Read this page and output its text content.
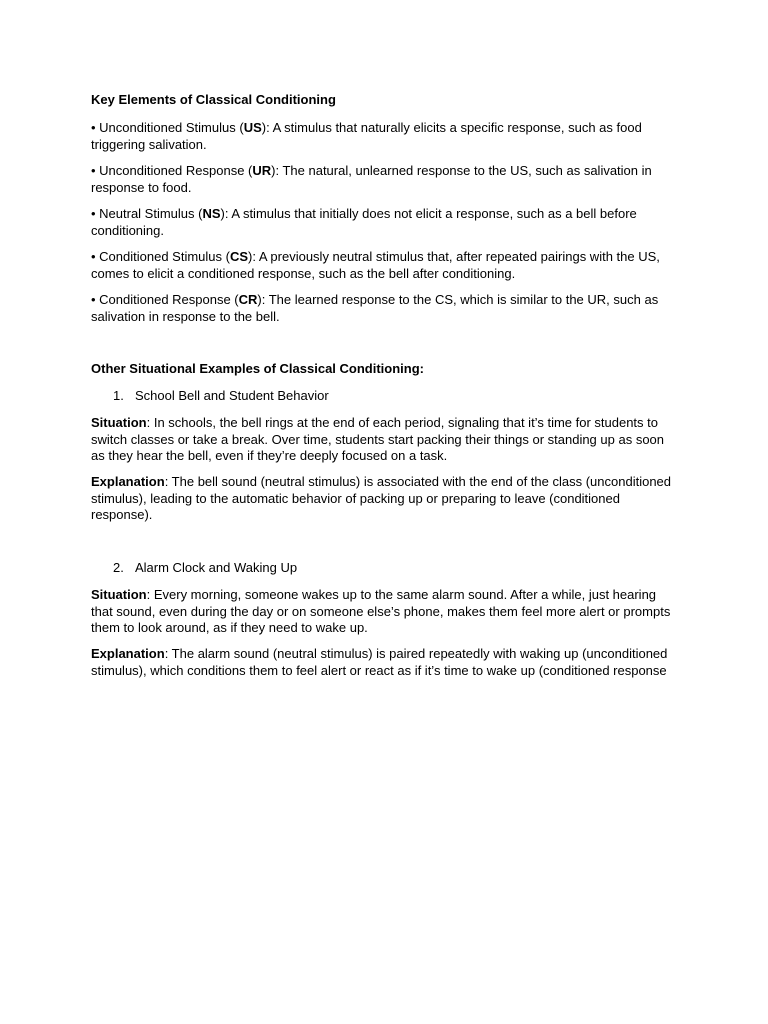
Key Elements of Classical Conditioning

• Unconditioned Stimulus (US): A stimulus that naturally elicits a specific response, such as food triggering salivation.

• Unconditioned Response (UR): The natural, unlearned response to the US, such as salivation in response to food.

• Neutral Stimulus (NS): A stimulus that initially does not elicit a response, such as a bell before conditioning.

• Conditioned Stimulus (CS): A previously neutral stimulus that, after repeated pairings with the US, comes to elicit a conditioned response, such as the bell after conditioning.

• Conditioned Response (CR): The learned response to the CS, which is similar to the UR, such as salivation in response to the bell.

Other Situational Examples of Classical Conditioning:

1. School Bell and Student Behavior

Situation: In schools, the bell rings at the end of each period, signaling that it’s time for students to switch classes or take a break. Over time, students start packing their things or standing up as soon as they hear the bell, even if they’re deeply focused on a task.

Explanation: The bell sound (neutral stimulus) is associated with the end of the class (unconditioned stimulus), leading to the automatic behavior of packing up or preparing to leave (conditioned response).

2. Alarm Clock and Waking Up

Situation: Every morning, someone wakes up to the same alarm sound. After a while, just hearing that sound, even during the day or on someone else’s phone, makes them feel more alert or prompts them to look around, as if they need to wake up.

Explanation: The alarm sound (neutral stimulus) is paired repeatedly with waking up (unconditioned stimulus), which conditions them to feel alert or react as if it’s time to wake up (conditioned response
